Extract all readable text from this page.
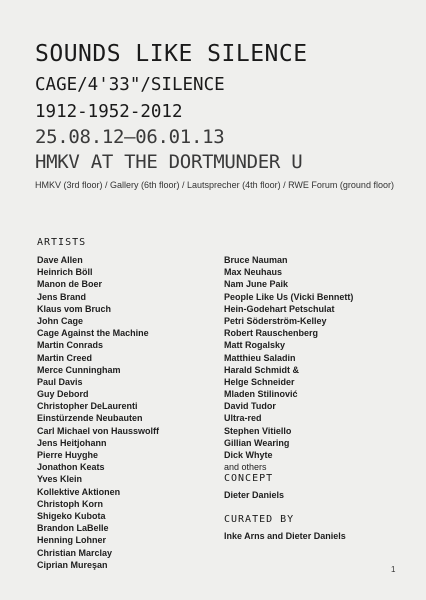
SOUNDS LIKE SILENCE
CAGE/4'33"/SILENCE
1912-1952-2012
25.08.12–06.01.13
HMKV AT THE DORTMUNDER U
HMKV (3rd floor) / Gallery (6th floor) / Lautsprecher (4th floor) / RWE Forum (ground floor)
ARTISTS
Dave Allen
Heinrich Böll
Manon de Boer
Jens Brand
Klaus vom Bruch
John Cage
Cage Against the Machine
Martin Conrads
Martin Creed
Merce Cunningham
Paul Davis
Guy Debord
Christopher DeLaurenti
Einstürzende Neubauten
Carl Michael von Hausswolff
Jens Heitjohann
Pierre Huyghe
Jonathon Keats
Yves Klein
Kollektive Aktionen
Christoph Korn
Shigeko Kubota
Brandon LaBelle
Henning Lohner
Christian Marclay
Ciprian Mureşan
Bruce Nauman
Max Neuhaus
Nam June Paik
People Like Us (Vicki Bennett)
Hein-Godehart Petschulat
Petri Söderström-Kelley
Robert Rauschenberg
Matt Rogalsky
Matthieu Saladin
Harald Schmidt &
Helge Schneider
Mladen Stilinović
David Tudor
Ultra-red
Stephen Vitiello
Gillian Wearing
Dick Whyte
and others
CONCEPT
Dieter Daniels
CURATED BY
Inke Arns and Dieter Daniels
1
